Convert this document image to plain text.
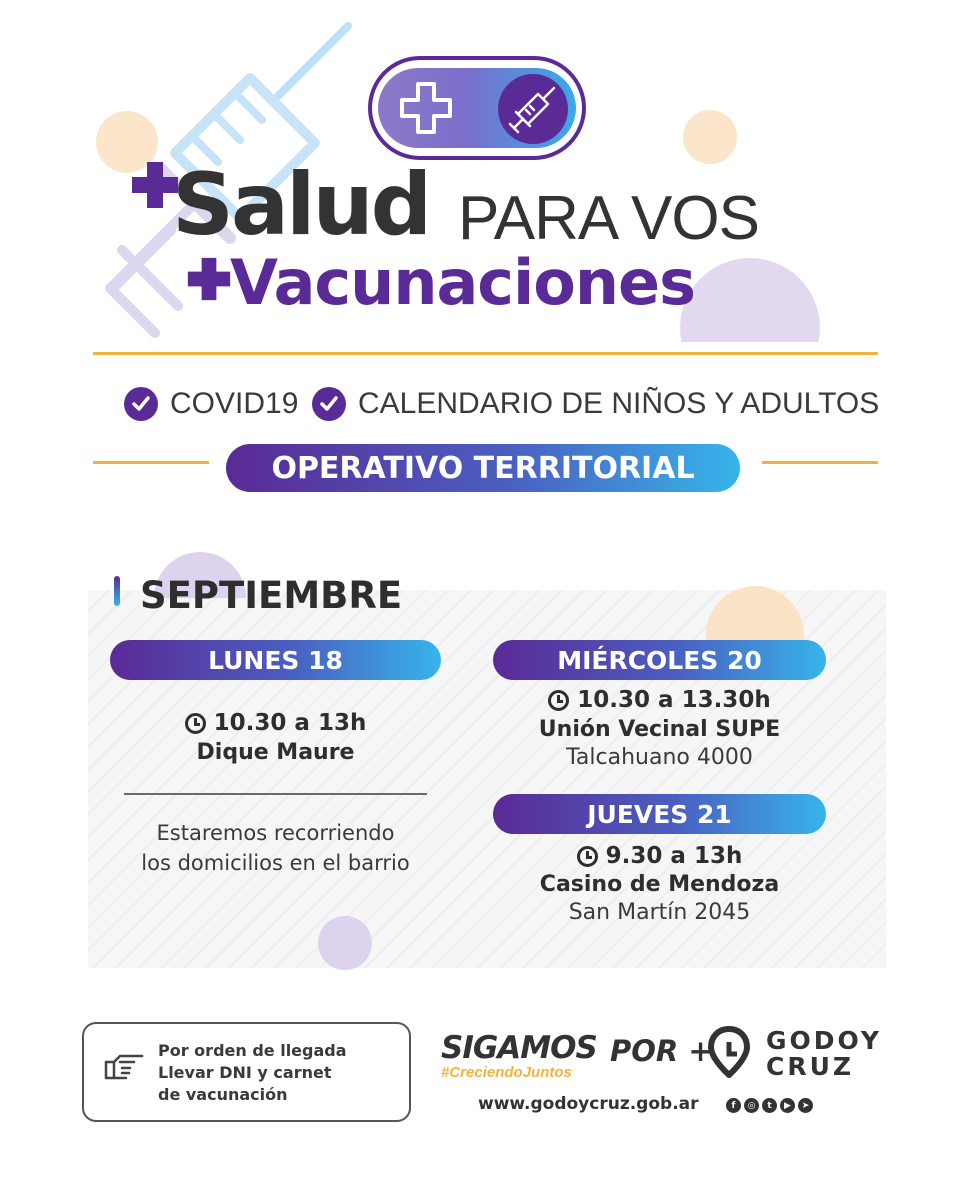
Salud PARA VOS
Vacunaciones
COVID19 CALENDARIO DE NIÑOS Y ADULTOS
OPERATIVO TERRITORIAL
SEPTIEMBRE
LUNES 18
10.30 a 13h
Dique Maure
Estaremos recorriendo
los domicilios en el barrio
MIÉRCOLES 20
10.30 a 13.30h
Unión Vecinal SUPE
Talcahuano 4000
JUEVES 21
9.30 a 13h
Casino de Mendoza
San Martín 2045
Por orden de llegada
Llevar DNI y carnet
de vacunación
SIGAMOS
#CreciendoJuntos
POR + GODOY
CRUZ
www.godoycruz.gob.ar	f	◎	t	▶	➤
